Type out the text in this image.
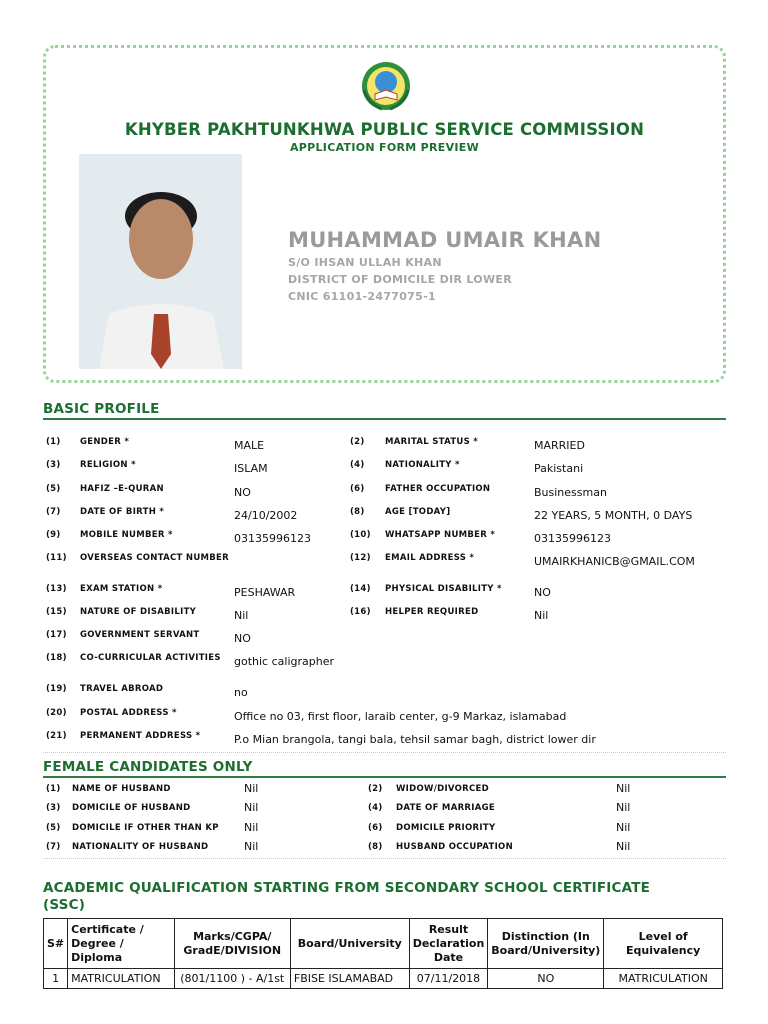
KHYBER PAKHTUNKHWA PUBLIC SERVICE COMMISSION
APPLICATION FORM PREVIEW
MUHAMMAD UMAIR KHAN
S/O IHSAN ULLAH KHAN
DISTRICT OF DOMICILE DIR LOWER
CNIC 61101-2477075-1
BASIC PROFILE
(1) GENDER *	MALE	(2) MARITAL STATUS *	MARRIED
(3) RELIGION *	ISLAM	(4) NATIONALITY *	Pakistani
(5) HAFIZ –E-QURAN	NO	(6) FATHER OCCUPATION	Businessman
(7) DATE OF BIRTH *	24/10/2002	(8) AGE [TODAY]	22 YEARS, 5 MONTH, 0 DAYS
(9) MOBILE NUMBER *	03135996123	(10) WHATSAPP NUMBER *	03135996123
(11) OVERSEAS CONTACT NUMBER	(12) EMAIL ADDRESS *	UMAIRKHANICB@GMAIL.COM
(13) EXAM STATION *	PESHAWAR	(14) PHYSICAL DISABILITY *	NO
(15) NATURE OF DISABILITY	Nil	(16) HELPER REQUIRED	Nil
(17) GOVERNMENT SERVANT	NO
(18) CO-CURRICULAR ACTIVITIES	gothic caligrapher
(19) TRAVEL ABROAD	no
(20) POSTAL ADDRESS *	Office no 03, first floor, laraib center, g-9 Markaz, islamabad
(21) PERMANENT ADDRESS *	P.o Mian brangola, tangi bala, tehsil samar bagh, district lower dir
FEMALE CANDIDATES ONLY
(1) NAME OF HUSBAND	Nil	(2) WIDOW/DIVORCED	Nil
(3) DOMICILE OF HUSBAND	Nil	(4) DATE OF MARRIAGE	Nil
(5) DOMICILE IF OTHER THAN KP Nil	(6) DOMICILE PRIORITY	Nil
(7) NATIONALITY OF HUSBAND	Nil	(8) HUSBAND OCCUPATION	Nil
ACADEMIC QUALIFICATION STARTING FROM SECONDARY SCHOOL CERTIFICATE
(SSC)
S#	Certificate / Degree / Diploma	Marks/CGPA/ GradE/DIVISION	Board/University	Result Declaration Date	Distinction (In Board/University)	Level of Equivalency
1	MATRICULATION	(801/1100 ) - A/1st	FBISE ISLAMABAD	07/11/2018	NO	MATRICULATION
